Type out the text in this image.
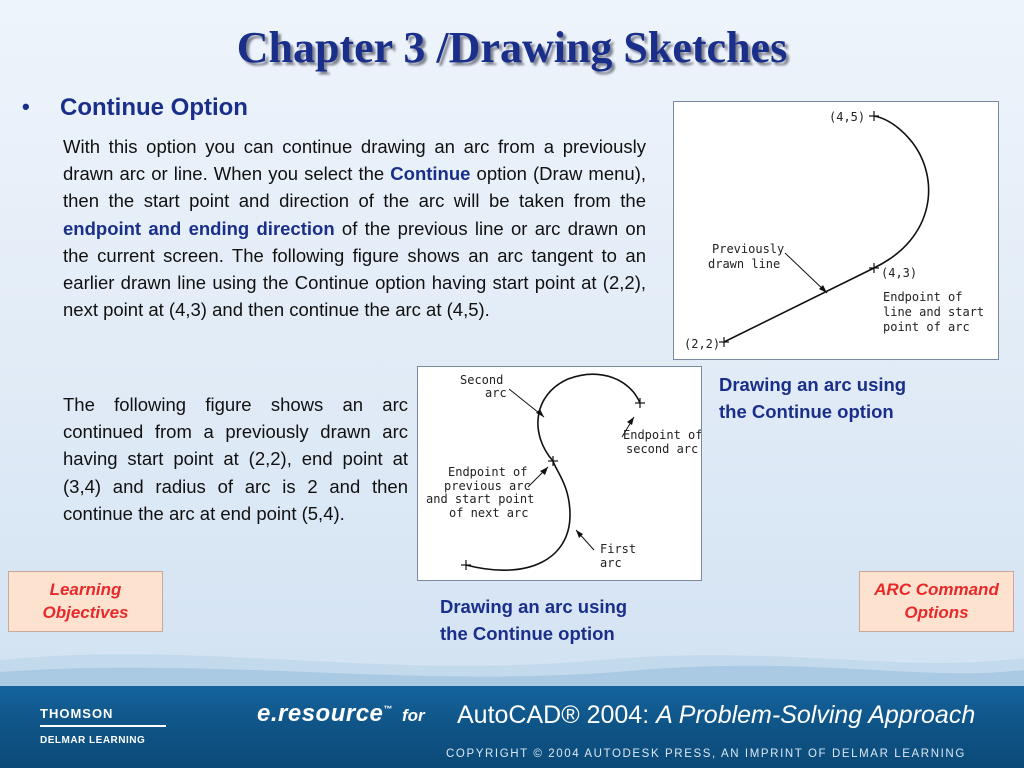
Chapter 3 /Drawing Sketches
• Continue Option
With this option you can continue drawing an arc from a previously drawn arc or line. When you select the Continue option (Draw menu), then the start point and direction of the arc will be taken from the endpoint and ending direction of the previous line or arc drawn on the current screen. The following figure shows an arc tangent to an earlier drawn line using the Continue option having start point at (2,2), next point at (4,3) and then continue the arc at (4,5).
The following figure shows an arc continued from a previously drawn arc having start point at (2,2), end point at (3,4) and radius of arc is 2 and then continue the arc at end point (5,4).
(4,5)
(4,3)
(2,2)
Previously
drawn line
Endpoint of
line and start
point of arc
Drawing an arc using
the Continue option
Second
arc
Endpoint of
second arc
Endpoint of
previous arc
and start point
of next arc
First
arc
Drawing an arc using
the Continue option
Learning
Objectives
ARC Command
Options
THOMSON
DELMAR LEARNING
e.resource™ for AutoCAD® 2004: A Problem-Solving Approach
COPYRIGHT © 2004 AUTODESK PRESS, AN IMPRINT OF DELMAR LEARNING
